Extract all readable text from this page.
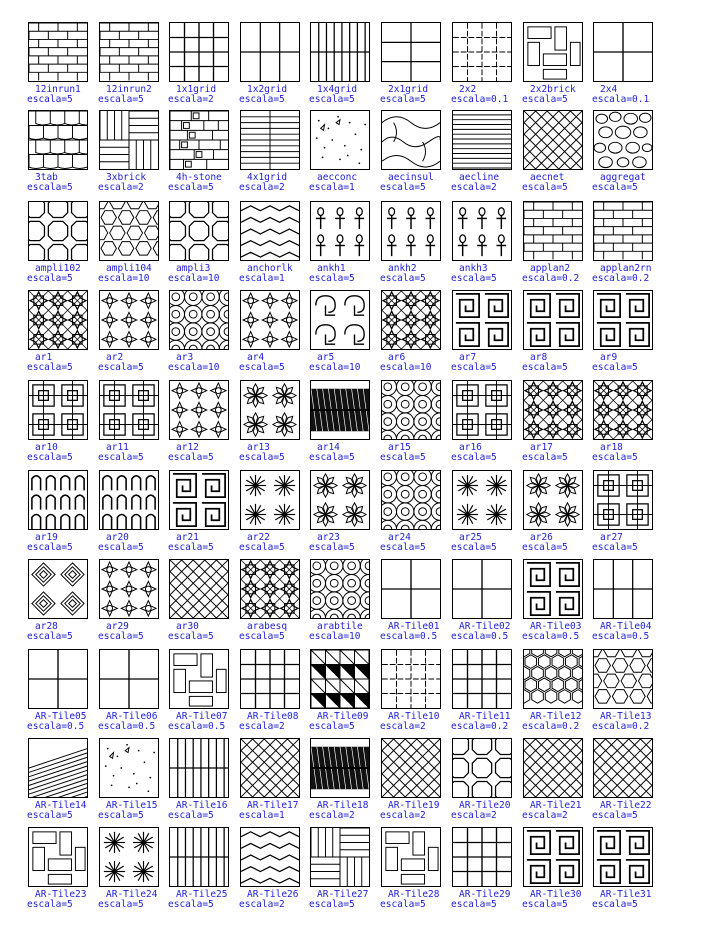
12inrun1
escala=5
12inrun2
escala=5
1x1grid
escala=2
1x2grid
escala=5
1x4grid
escala=5
2x1grid
escala=5
2x2
escala=0.1
2x2brick
escala=5
2x4
escala=0.1
3tab
escala=5
3xbrick
escala=2
4h-stone
escala=5
4x1grid
escala=2
aecconc
escala=1
aecinsul
escala=5
aecline
escala=2
aecnet
escala=5
aggregat
escala=5
ampli102
escala=5
ampli104
escala=10
ampli3
escala=10
anchorlk
escala=1
ankh1
escala=5
ankh2
escala=5
ankh3
escala=5
applan2
escala=0.2
applan2rn
escala=0.2
ar1
escala=5
ar2
escala=5
ar3
escala=10
ar4
escala=5
ar5
escala=10
ar6
escala=10
ar7
escala=5
ar8
escala=5
ar9
escala=5
ar10
escala=5
ar11
escala=5
ar12
escala=5
ar13
escala=5
ar14
escala=5
ar15
escala=5
ar16
escala=5
ar17
escala=5
ar18
escala=5
ar19
escala=5
ar20
escala=5
ar21
escala=5
ar22
escala=5
ar23
escala=5
ar24
escala=5
ar25
escala=5
ar26
escala=5
ar27
escala=5
ar28
escala=5
ar29
escala=5
ar30
escala=5
arabesq
escala=5
arabtile
escala=10
AR-Tile01
escala=0.5
AR-Tile02
escala=0.5
AR-Tile03
escala=0.5
AR-Tile04
escala=0.5
AR-Tile05
escala=0.5
AR-Tile06
escala=0.5
AR-Tile07
escala=0.5
AR-Tile08
escala=2
AR-Tile09
escala=5
AR-Tile10
escala=2
AR-Tile11
escala=0.2
AR-Tile12
escala=0.2
AR-Tile13
escala=0.2
AR-Tile14
escala=5
AR-Tile15
escala=5
AR-Tile16
escala=5
AR-Tile17
escala=1
AR-Tile18
escala=2
AR-Tile19
escala=2
AR-Tile20
escala=2
AR-Tile21
escala=2
AR-Tile22
escala=5
AR-Tile23
escala=5
AR-Tile24
escala=5
AR-Tile25
escala=5
AR-Tile26
escala=2
AR-Tile27
escala=5
AR-Tile28
escala=5
AR-Tile29
escala=5
AR-Tile30
escala=5
AR-Tile31
escala=5
